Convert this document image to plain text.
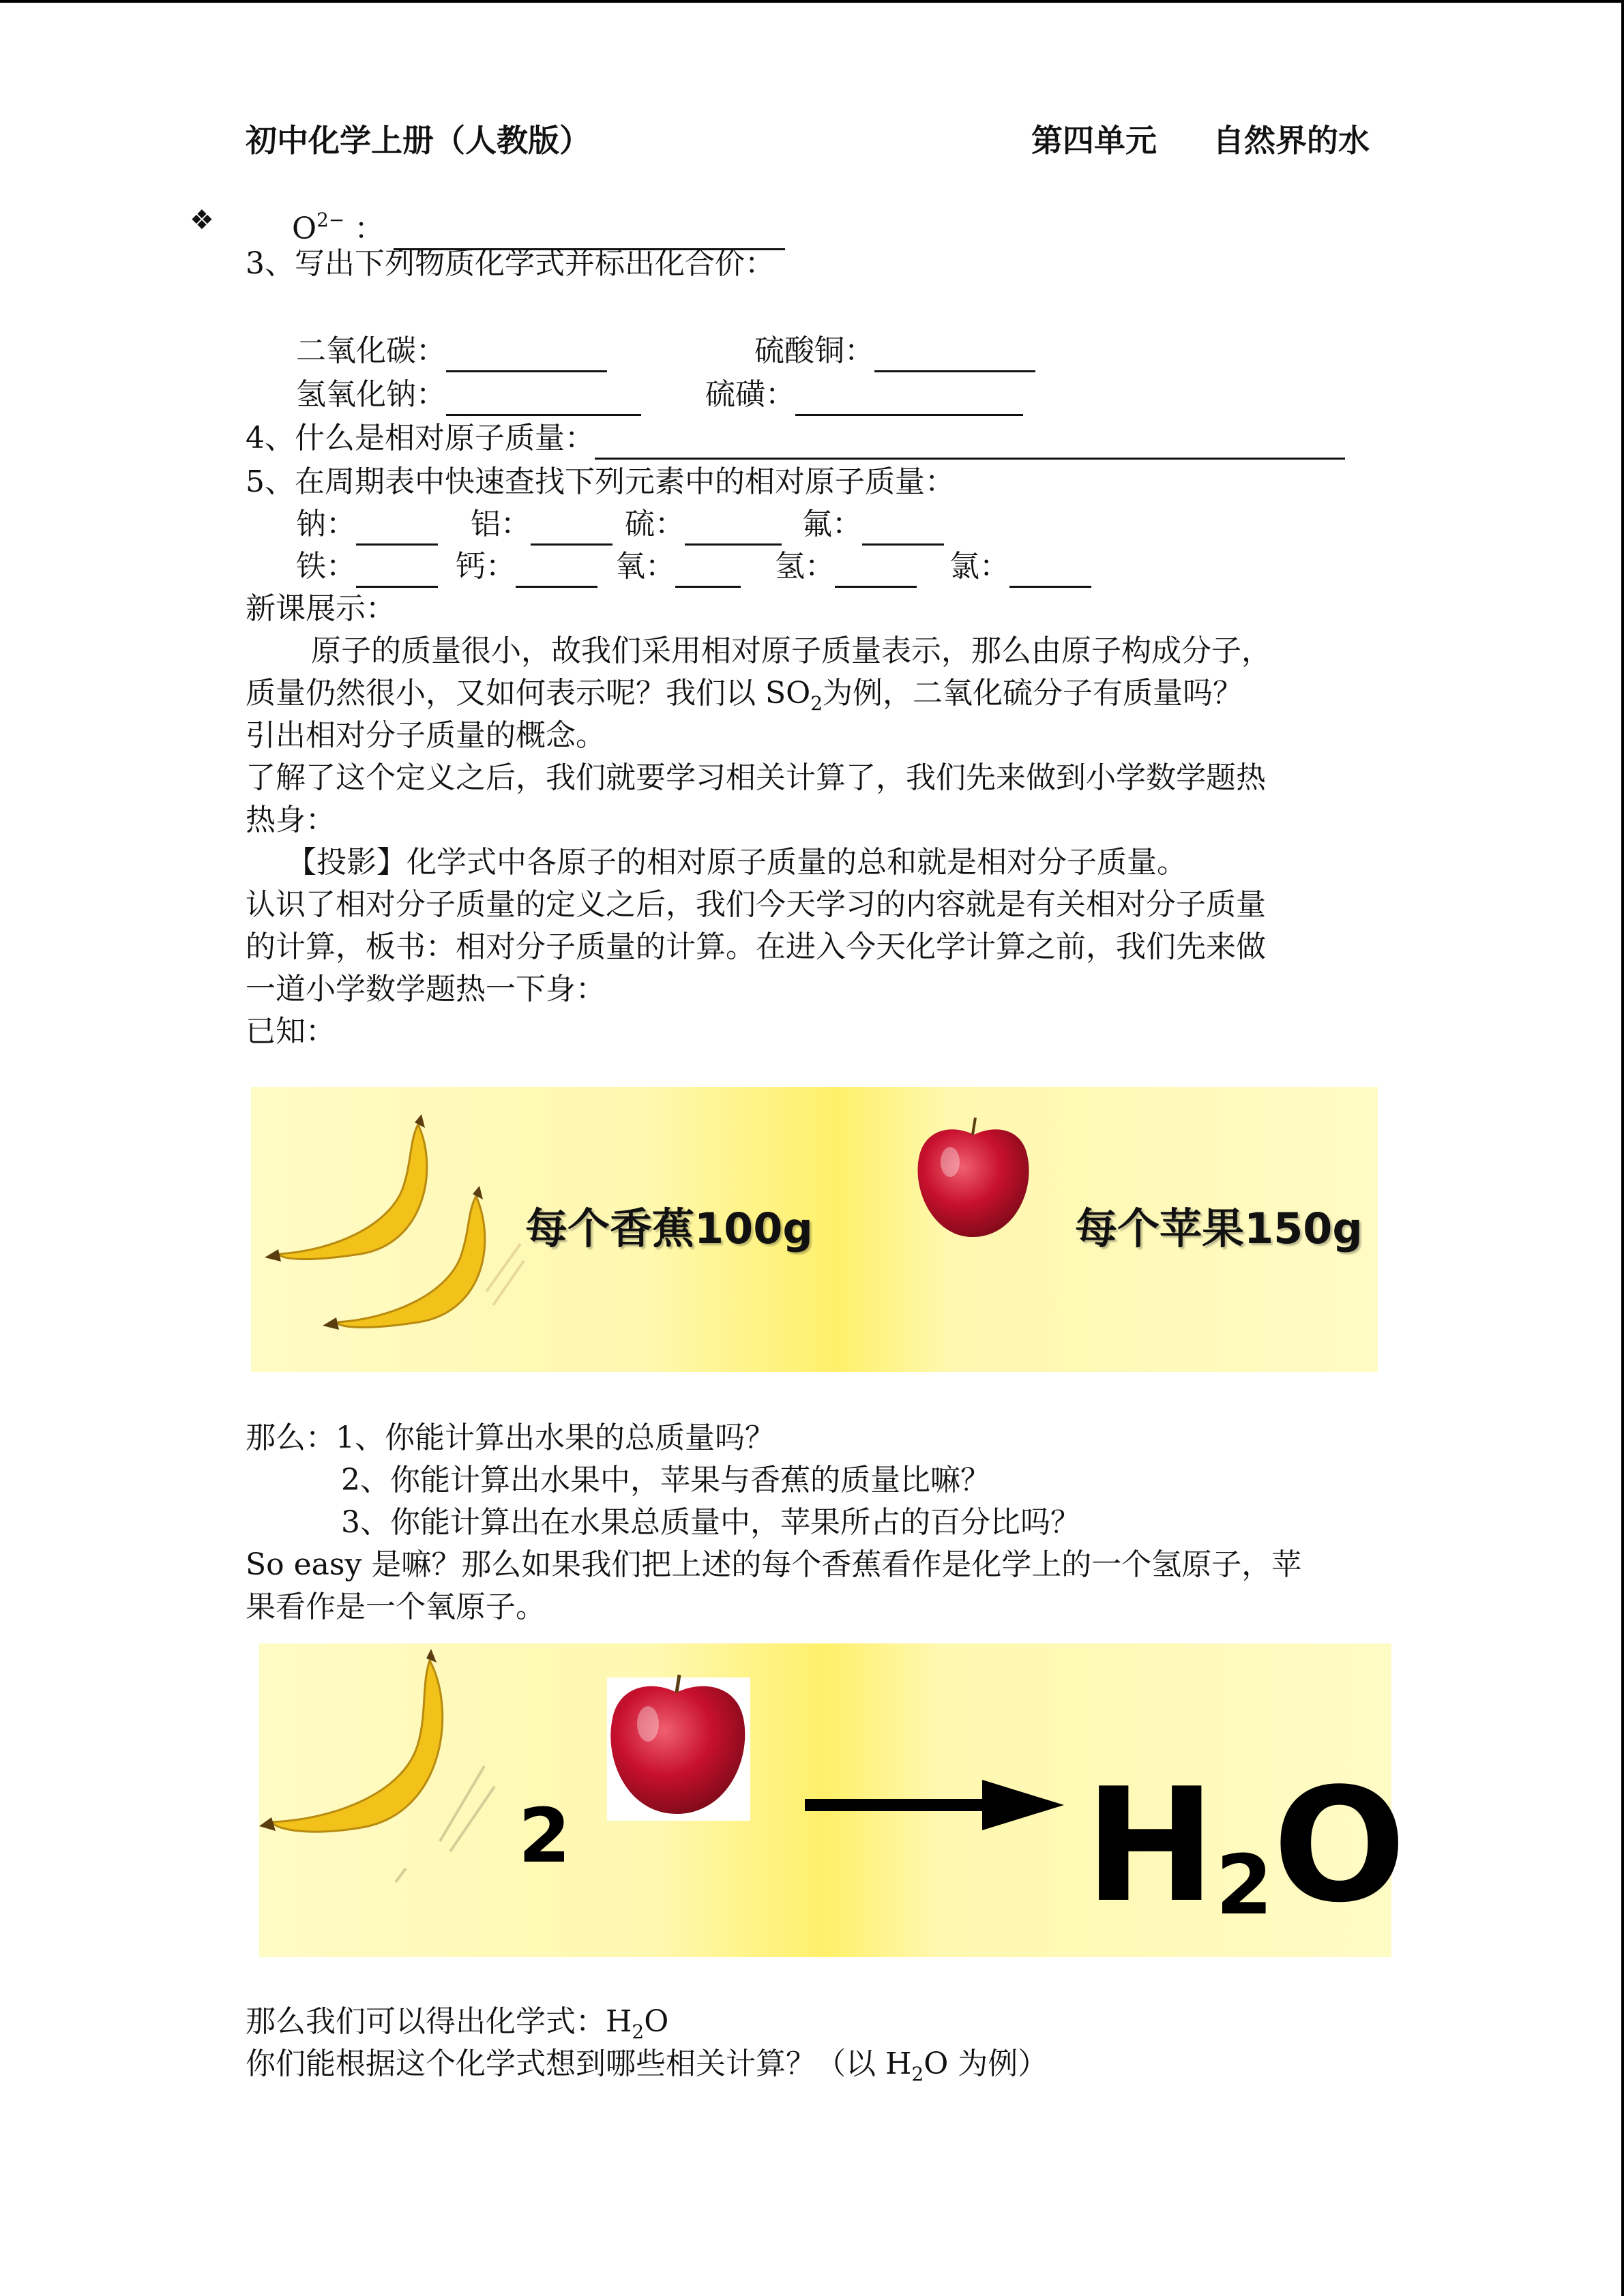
初中化学上册（人教版）	第四单元 自然界的水
❖	$O^{2-}$ ：
3、写出下列物质化学式并标出化合价：
二氧化碳：	硫酸铜：
氢氧化钠：	硫磺：
4、什么是相对原子质量：
5、在周期表中快速查找下列元素中的相对原子质量：
钠：	铝：	硫：	氟：
铁：	钙：	氧：	氢：	氯：
新课展示：
原子的质量很小，故我们采用相对原子质量表示，那么由原子构成分子，
质量仍然很小，又如何表示呢？我们以 $SO_2$为例，二氧化硫分子有质量吗？
引出相对分子质量的概念。
了解了这个定义之后，我们就要学习相关计算了，我们先来做到小学数学题热
热身：
【投影】化学式中各原子的相对原子质量的总和就是相对分子质量。
认识了相对分子质量的定义之后，我们今天学习的内容就是有关相对分子质量
的计算，板书：相对分子质量的计算。在进入今天化学计算之前，我们先来做
一道小学数学题热一下身：
已知：
每个香蕉100g	每个苹果150g
那么：1、你能计算出水果的总质量吗？
2、你能计算出水果中，苹果与香蕉的质量比嘛？
3、你能计算出在水果总质量中，苹果所占的百分比吗？
So easy 是嘛？那么如果我们把上述的每个香蕉看作是化学上的一个氢原子，苹
果看作是一个氧原子。
2	H2O
那么我们可以得出化学式：$H_2O$
你们能根据这个化学式想到哪些相关计算？（以 $H_2O$ 为例）
